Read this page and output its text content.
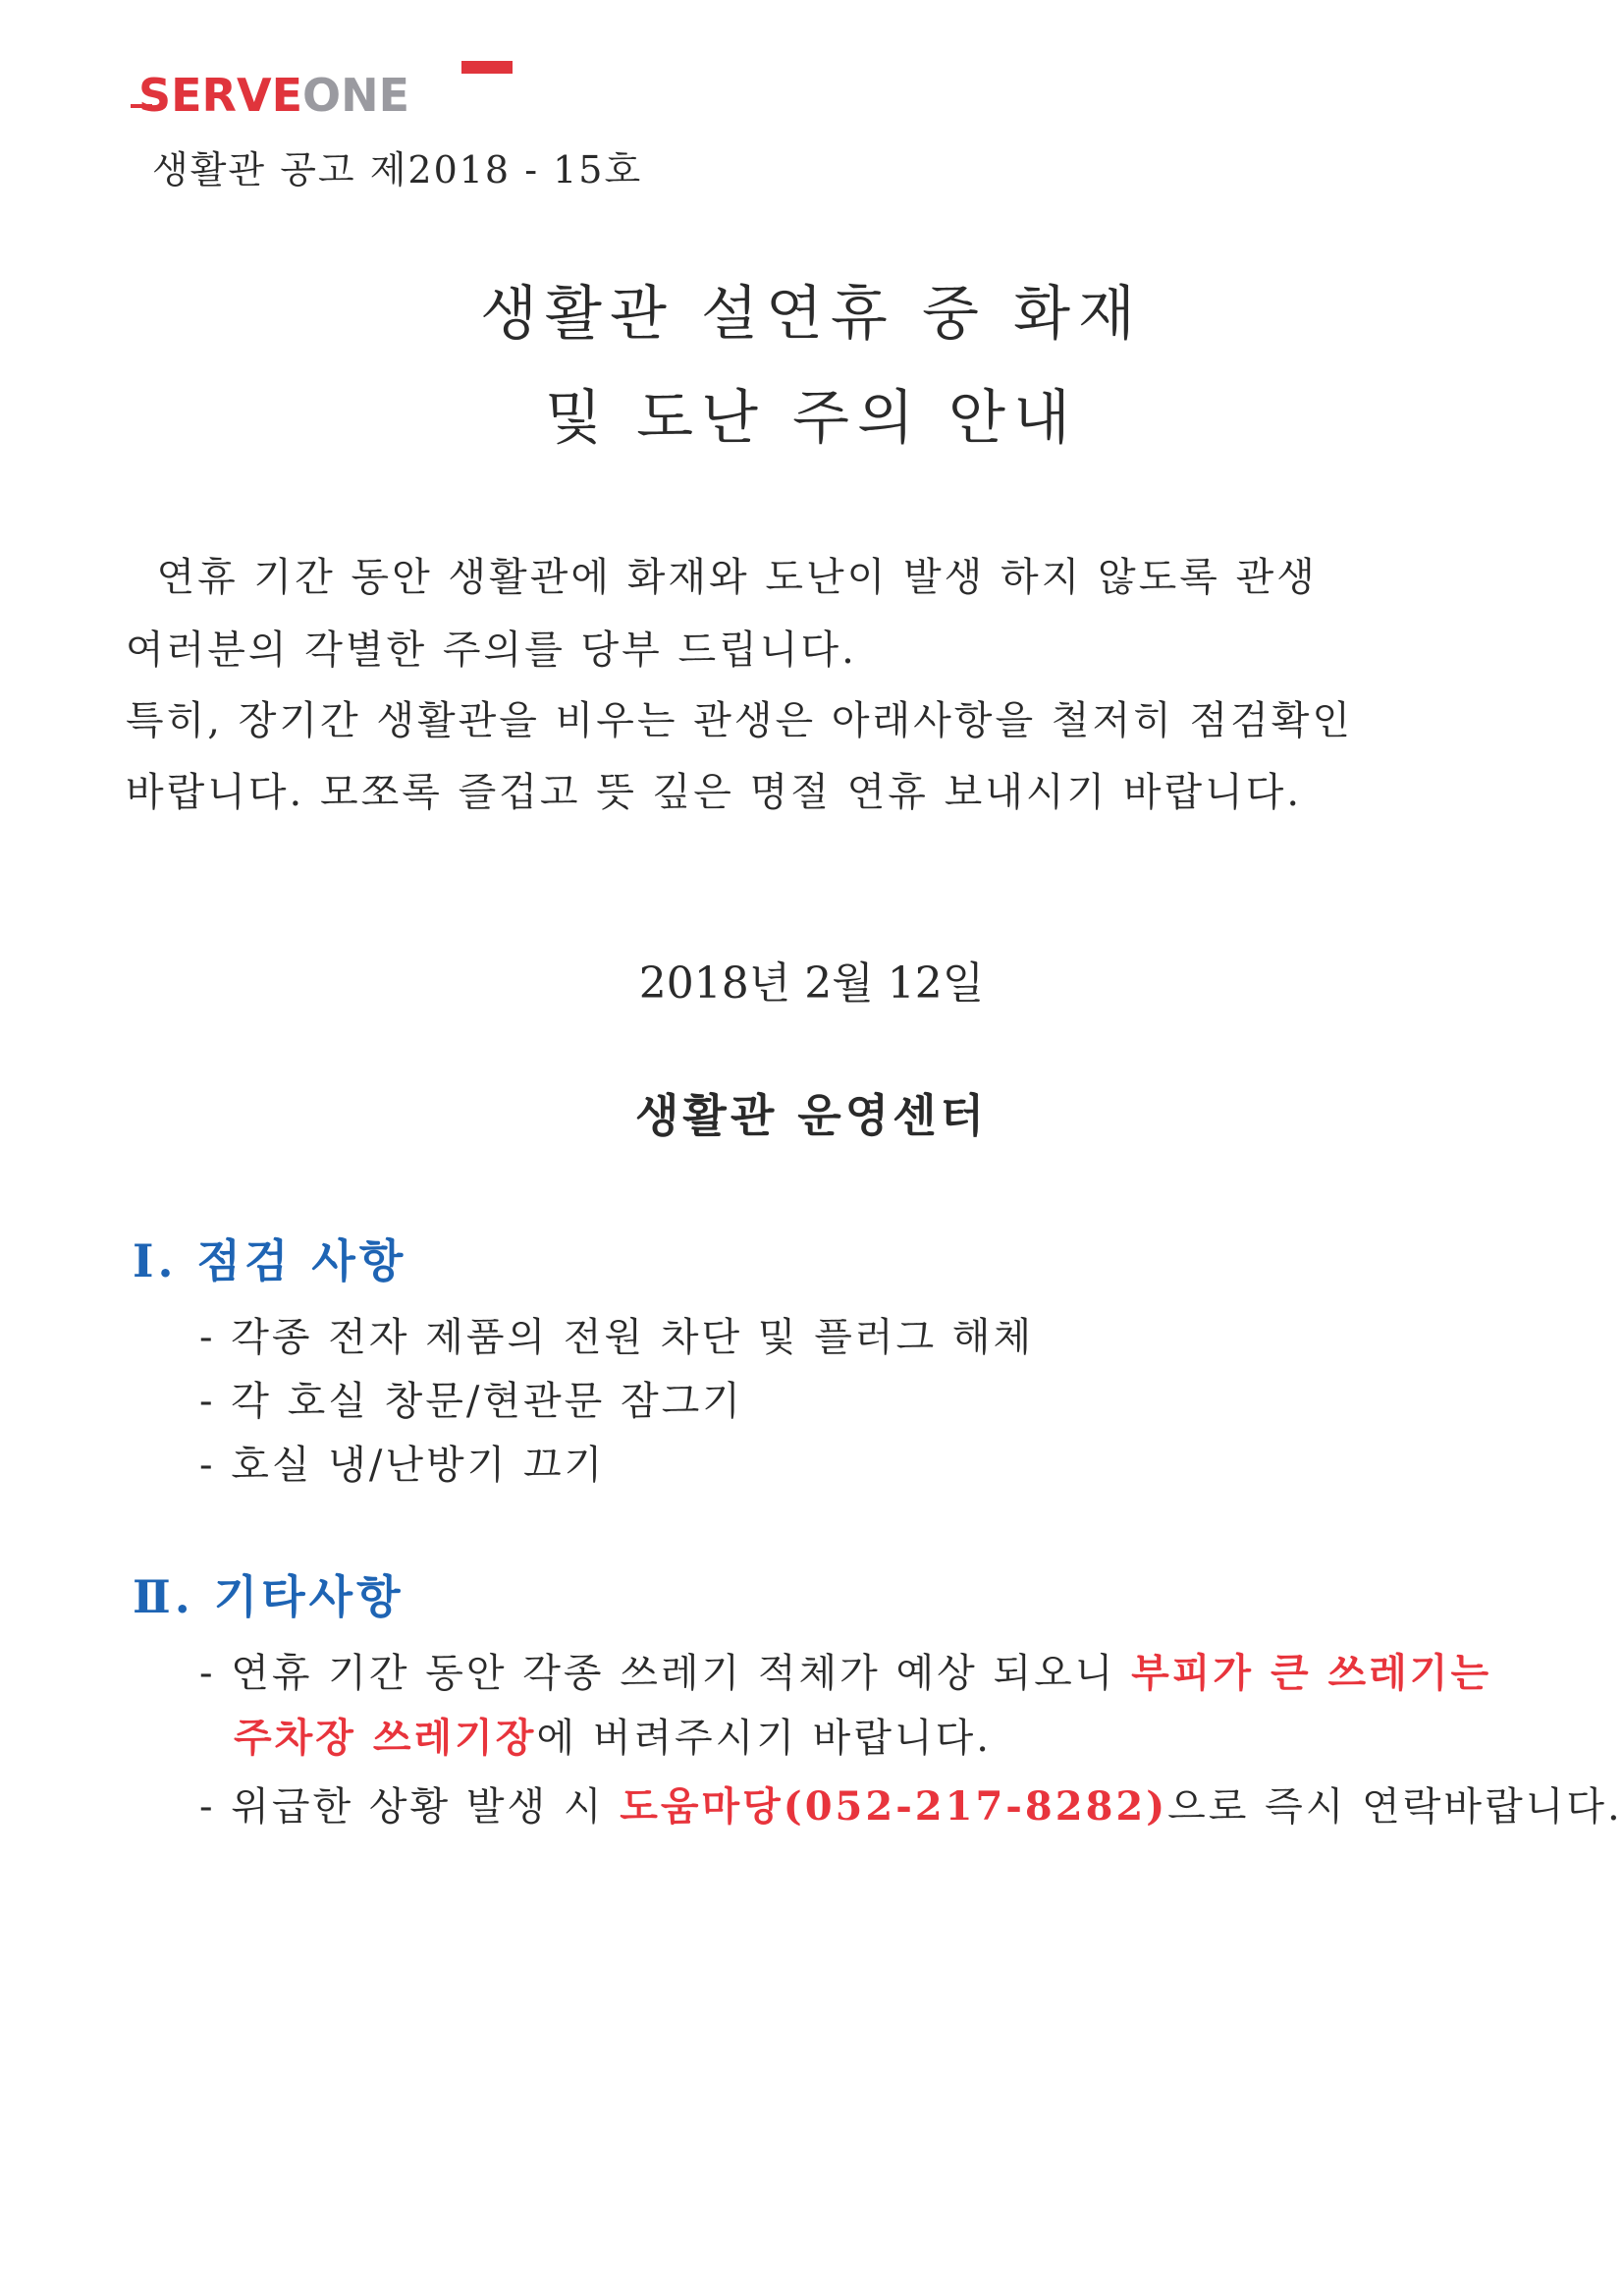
SERVEONE
생활관 공고 제2018 - 15호
생활관 설연휴 중 화재
및 도난 주의 안내
연휴 기간 동안 생활관에 화재와 도난이 발생 하지 않도록 관생
여러분의 각별한 주의를 당부 드립니다.
특히, 장기간 생활관을 비우는 관생은 아래사항을 철저히 점검확인
바랍니다. 모쪼록 즐겁고 뜻 깊은 명절 연휴 보내시기 바랍니다.
2018년 2월 12일
생활관 운영센터
Ⅰ. 점검 사항
- 각종 전자 제품의 전원 차단 및 플러그 해체
- 각 호실 창문/현관문 잠그기
- 호실 냉/난방기 끄기
Ⅱ. 기타사항
- 연휴 기간 동안 각종 쓰레기 적체가 예상 되오니 부피가 큰 쓰레기는
주차장 쓰레기장에 버려주시기 바랍니다.
- 위급한 상황 발생 시 도움마당(052-217-8282)으로 즉시 연락바랍니다.
